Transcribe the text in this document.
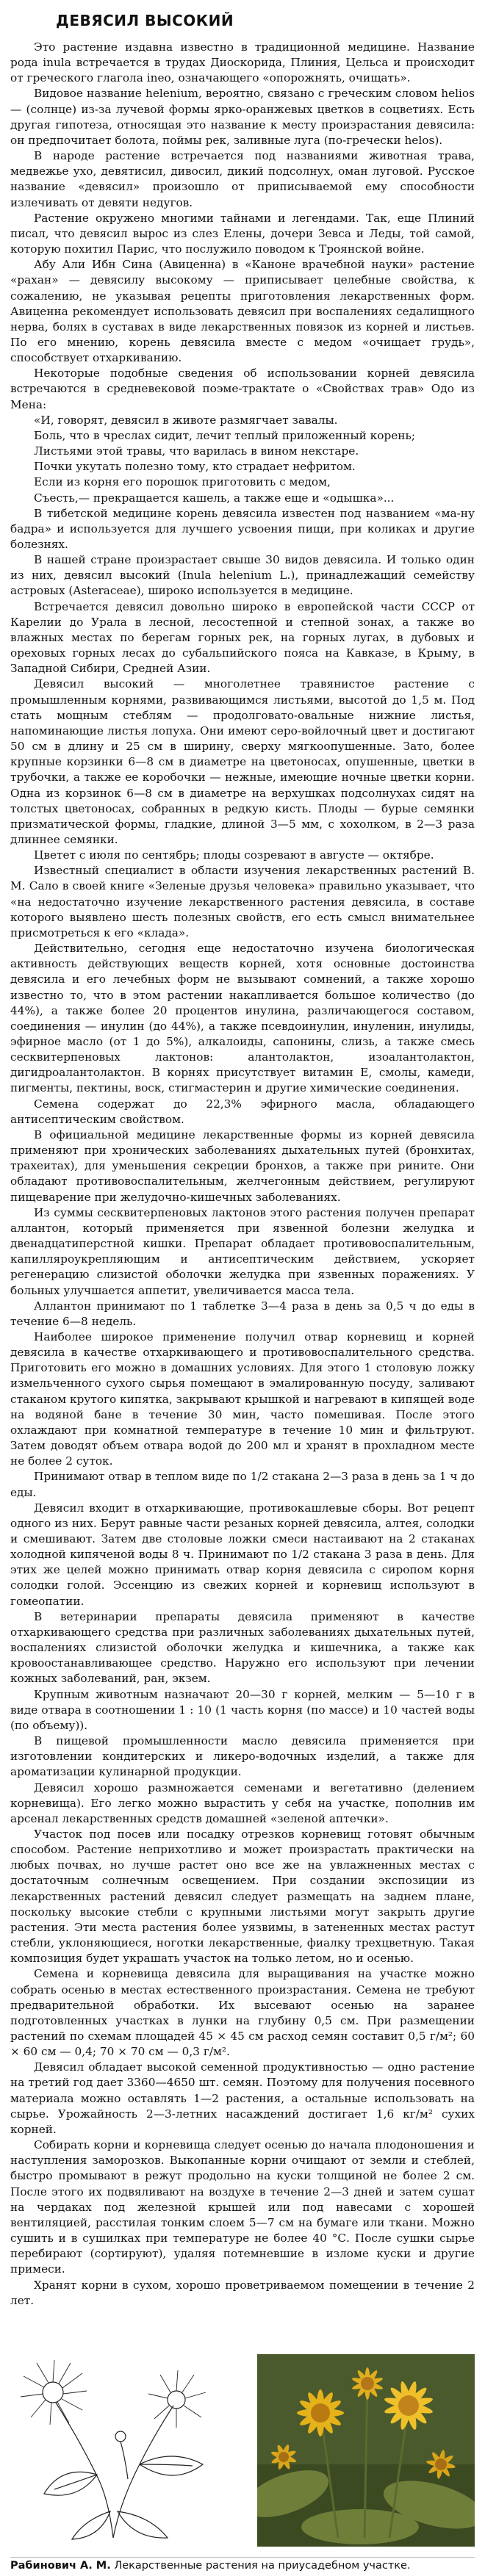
ДЕВЯСИЛ ВЫСОКИЙ

Это растение издавна известно в традиционной медицине. Название рода inula встречается в трудах Диоскорида, Плиния, Цельса и происходит от греческого глагола ineo, означающего «опорожнять, очищать».

Видовое название helenium, вероятно, связано с греческим словом helios — (солнце) из-за лучевой формы ярко-оранжевых цветков в соцветиях. Есть другая гипотеза, относящая это название к месту произрастания девясила: он предпочитает болота, поймы рек, заливные луга (по-гречески helos).

В народе растение встречается под названиями животная трава, медвежье ухо, девятисил, дивосил, дикий подсолнух, оман луговой. Русское название «девясил» произошло от приписываемой ему способности излечивать от девяти недугов.

Растение окружено многими тайнами и легендами. Так, еще Плиний писал, что девясил вырос из слез Елены, дочери Зевса и Леды, той самой, которую похитил Парис, что послужило поводом к Троянской войне.

Абу Али Ибн Сина (Авиценна) в «Каноне врачебной науки» растение «рахан» — девясилу высокому — приписывает целебные свойства, к сожалению, не указывая рецепты приготовления лекарственных форм. Авиценна рекомендует использовать девясил при воспалениях седалищного нерва, болях в суставах в виде лекарственных повязок из корней и листьев. По его мнению, корень девясила вместе с медом «очищает грудь», способствует отхаркиванию.

Некоторые подобные сведения об использовании корней девясила встречаются в средневековой поэме-трактате о «Свойствах трав» Одо из Мена:

«И, говорят, девясил в животе размягчает завалы.

Боль, что в чреслах сидит, лечит теплый приложенный корень;

Листьями этой травы, что варилась в вином некстаре.

Почки укутать полезно тому, кто страдает нефритом.

Если из корня его порошок приготовить с медом,

Съесть,— прекращается кашель, а также еще и «одышка»...

В тибетской медицине корень девясила известен под названием «ма-ну бадра» и используется для лучшего усвоения пищи, при коликах и другие болезнях.

В нашей стране произрастает свыше 30 видов девясила. И только один из них, девясил высокий (Inula helenium L.), принадлежащий семейству астровых (Asteraceae), широко используется в медицине.

Встречается девясил довольно широко в европейской части СССР от Карелии до Урала в лесной, лесостепной и степной зонах, а также во влажных местах по берегам горных рек, на горных лугах, в дубовых и ореховых горных лесах до субальпийского пояса на Кавказе, в Крыму, в Западной Сибири, Средней Азии.

Девясил высокий — многолетнее травянистое растение с промышленным корнями, развивающимся листьями, высотой до 1,5 м. Под стать мощным стеблям — продолговато-овальные нижние листья, напоминающие листья лопуха. Они имеют серо-войлочный цвет и достигают 50 см в длину и 25 см в ширину, сверху мягкоопушенные. Зато, более крупные корзинки 6—8 см в диаметре на цветоносах, опушенные, цветки в трубочки, а также ее коробочки — нежные, имеющие ночные цветки корни. Одна из корзинок 6—8 см в диаметре на верхушках подсолнухах сидят на толстых цветоносах, собранных в редкую кисть. Плоды — бурые семянки призматической формы, гладкие, длиной 3—5 мм, с хохолком, в 2—3 раза длиннее семянки.

Цветет с июля по сентябрь; плоды созревают в августе — октябре.

Известный специалист в области изучения лекарственных растений В. М. Сало в своей книге «Зеленые друзья человека» правильно указывает, что «на недостаточно изучение лекарственного растения девясила, в составе которого выявлено шесть полезных свойств, его есть смысл внимательнее присмотреться к его «клада».

Действительно, сегодня еще недостаточно изучена биологическая активность действующих веществ корней, хотя основные достоинства девясила и его лечебных форм не вызывают сомнений, а также хорошо известно то, что в этом растении накапливается большое количество (до 44%), а также более 20 процентов инулина, различающегося составом, соединения — инулин (до 44%), а также псевдоинулин, инуленин, инулиды, эфирное масло (от 1 до 5%), алкалоиды, сапонины, слизь, а также смесь сесквитерпеновых лактонов: алантолактон, изоалантолактон, дигидроалантолактон. В корнях присутствует витамин Е, смолы, камеди, пигменты, пектины, воск, стигмастерин и другие химические соединения.

Семена содержат до 22,3% эфирного масла, обладающего антисептическим свойством.

В официальной медицине лекарственные формы из корней девясила применяют при хронических заболеваниях дыхательных путей (бронхитах, трахеитах), для уменьшения секреции бронхов, а также при рините. Они обладают противовоспалительным, желчегонным действием, регулируют пищеварение при желудочно-кишечных заболеваниях.

Из суммы сесквитерпеновых лактонов этого растения получен препарат аллантон, который применяется при язвенной болезни желудка и двенадцатиперстной кишки. Препарат обладает противовоспалительным, капилляроукрепляющим и антисептическим действием, ускоряет регенерацию слизистой оболочки желудка при язвенных поражениях. У больных улучшается аппетит, увеличивается масса тела.

Аллантон принимают по 1 таблетке 3—4 раза в день за 0,5 ч до еды в течение 6—8 недель.

Наиболее широкое применение получил отвар корневищ и корней девясила в качестве отхаркивающего и противовоспалительного средства. Приготовить его можно в домашних условиях. Для этого 1 столовую ложку измельченного сухого сырья помещают в эмалированную посуду, заливают стаканом крутого кипятка, закрывают крышкой и нагревают в кипящей воде на водяной бане в течение 30 мин, часто помешивая. После этого охлаждают при комнатной температуре в течение 10 мин и фильтруют. Затем доводят объем отвара водой до 200 мл и хранят в прохладном месте не более 2 суток.

Принимают отвар в теплом виде по 1/2 стакана 2—3 раза в день за 1 ч до еды.

Девясил входит в отхаркивающие, противокашлевые сборы. Вот рецепт одного из них. Берут равные части резаных корней девясила, алтея, солодки и смешивают. Затем две столовые ложки смеси настаивают на 2 стаканах холодной кипяченой воды 8 ч. Принимают по 1/2 стакана 3 раза в день. Для этих же целей можно принимать отвар корня девясила с сиропом корня солодки голой. Эссенцию из свежих корней и корневищ используют в гомеопатии.

В ветеринарии препараты девясила применяют в качестве отхаркивающего средства при различных заболеваниях дыхательных путей, воспалениях слизистой оболочки желудка и кишечника, а также как кровоостанавливающее средство. Наружно его используют при лечении кожных заболеваний, ран, экзем.

Крупным животным назначают 20—30 г корней, мелким — 5—10 г в виде отвара в соотношении 1 : 10 (1 часть корня (по массе) и 10 частей воды (по объему)).

В пищевой промышленности масло девясила применяется при изготовлении кондитерских и ликеро-водочных изделий, а также для ароматизации кулинарной продукции.

Девясил хорошо размножается семенами и вегетативно (делением корневища). Его легко можно вырастить у себя на участке, пополнив им арсенал лекарственных средств домашней «зеленой аптечки».

Участок под посев или посадку отрезков корневищ готовят обычным способом. Растение неприхотливо и может произрастать практически на любых почвах, но лучше растет оно все же на увлажненных местах с достаточным солнечным освещением. При создании экспозиции из лекарственных растений девясил следует размещать на заднем плане, поскольку высокие стебли с крупными листьями могут закрыть другие растения. Эти места растения более уязвимы, в затененных местах растут стебли, уклоняющиеся, ноготки лекарственные, фиалку трехцветную. Такая композиция будет украшать участок на только летом, но и осенью.

Семена и корневища девясила для выращивания на участке можно собрать осенью в местах естественного произрастания. Семена не требуют предварительной обработки. Их высевают осенью на заранее подготовленных участках в лунки на глубину 0,5 см. При размещении растений по схемам площадей 45 × 45 см расход семян составит 0,5 г/м²; 60 × 60 см — 0,4; 70 × 70 см — 0,3 г/м².

Девясил обладает высокой семенной продуктивностью — одно растение на третий год дает 3360—4650 шт. семян. Поэтому для получения посевного материала можно оставлять 1—2 растения, а остальные использовать на сырье. Урожайность 2—3-летних насаждений достигает 1,6 кг/м² сухих корней.

Собирать корни и корневища следует осенью до начала плодоношения и наступления заморозков. Выкопанные корни очищают от земли и стеблей, быстро промывают в режут продольно на куски толщиной не более 2 см. После этого их подвяливают на воздухе в течение 2—3 дней и затем сушат на чердаках под железной крышей или под навесами с хорошей вентиляцией, расстилая тонким слоем 5—7 см на бумаге или ткани. Можно сушить и в сушилках при температуре не более 40 °С. После сушки сырье перебирают (сортируют), удаляя потемневшие в изломе куски и другие примеси.

Хранят корни в сухом, хорошо проветриваемом помещении в течение 2 лет.

Рабинович А. М. Лекарственные растения на приусадебном участке.
